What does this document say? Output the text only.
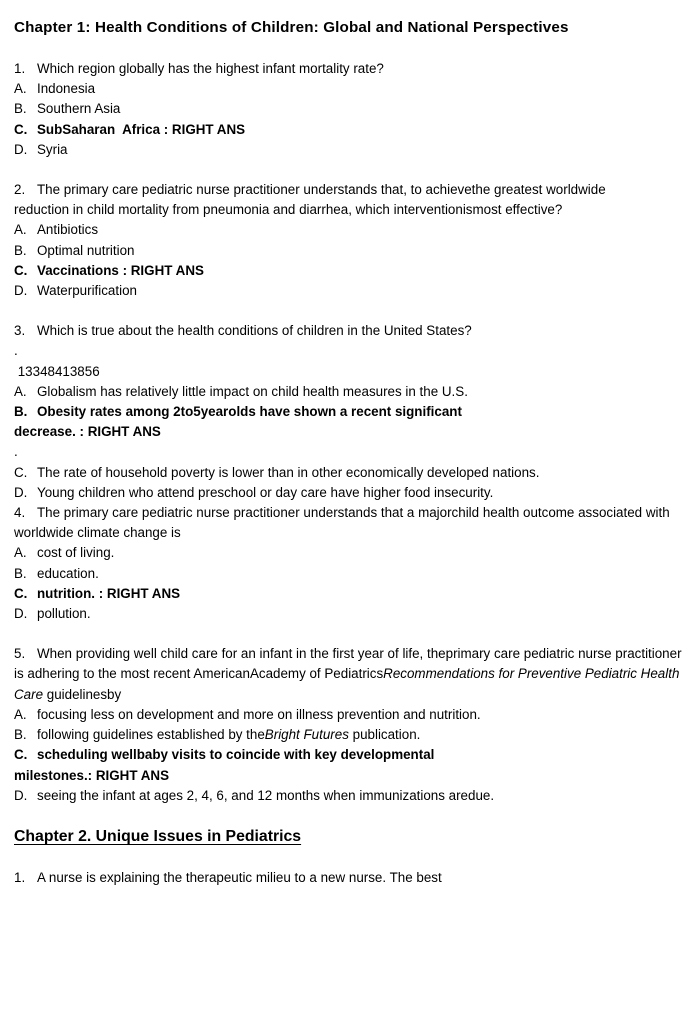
Chapter 1: Health Conditions of Children: Global and National Perspectives

1. Which region globally has the highest infant mortality rate?

A. Indonesia

B. Southern Asia

C. SubSaharan  Africa : RIGHT ANS

D. Syria

2. The primary care pediatric nurse practitioner understands that, to achievethe greatest worldwide

reduction in child mortality from pneumonia and diarrhea, which interventionismost effective?

A. Antibiotics

B. Optimal nutrition

C. Vaccinations : RIGHT ANS

D. Waterpurification

3. Which is true about the health conditions of children in the United States?

.

13348413856

A. Globalism has relatively little impact on child health measures in the U.S.

B. Obesity rates among 2to5yearolds have shown a recent significant

decrease. : RIGHT ANS

.

C. The rate of household poverty is lower than in other economically developed nations.

D. Young children who attend preschool or day care have higher food insecurity.

4. The primary care pediatric nurse practitioner understands that a majorchild health outcome associated with worldwide climate change is

A. cost of living.

B. education.

C. nutrition. : RIGHT ANS

D. pollution.

5. When providing well child care for an infant in the first year of life, theprimary care pediatric nurse practitioner is adhering to the most recent AmericanAcademy of PediatricsRecommendations for Preventive Pediatric Health Care guidelinesby

A. focusing less on development and more on illness prevention and nutrition.

B. following guidelines established by theBright Futures publication.

C. scheduling wellbaby visits to coincide with key developmental

milestones.: RIGHT ANS

D. seeing the infant at ages 2, 4, 6, and 12 months when immunizations aredue.

Chapter 2. Unique Issues in Pediatrics

1. A nurse is explaining the therapeutic milieu to a new nurse. The best
